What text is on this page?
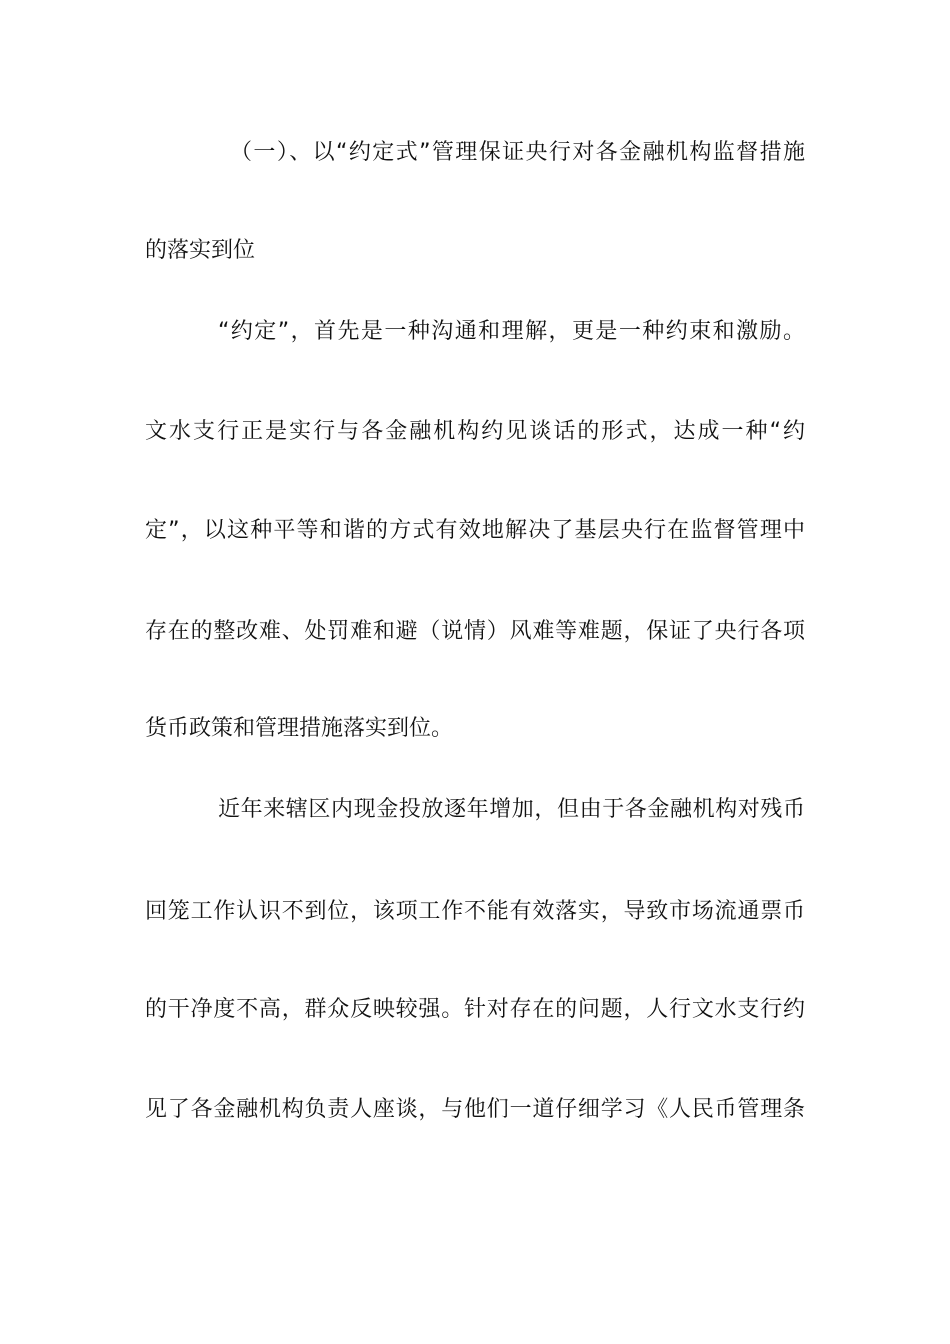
（一）、以“约定式”管理保证央行对各金融机构监督措施
的落实到位
“约定”，首先是一种沟通和理解，更是一种约束和激励。
文水支行正是实行与各金融机构约见谈话的形式，达成一种“约
定”，以这种平等和谐的方式有效地解决了基层央行在监督管理中
存在的整改难、处罚难和避（说情）风难等难题，保证了央行各项
货币政策和管理措施落实到位。
近年来辖区内现金投放逐年增加，但由于各金融机构对残币
回笼工作认识不到位，该项工作不能有效落实，导致市场流通票币
的干净度不高，群众反映较强。针对存在的问题，人行文水支行约
见了各金融机构负责人座谈，与他们一道仔细学习《人民币管理条
